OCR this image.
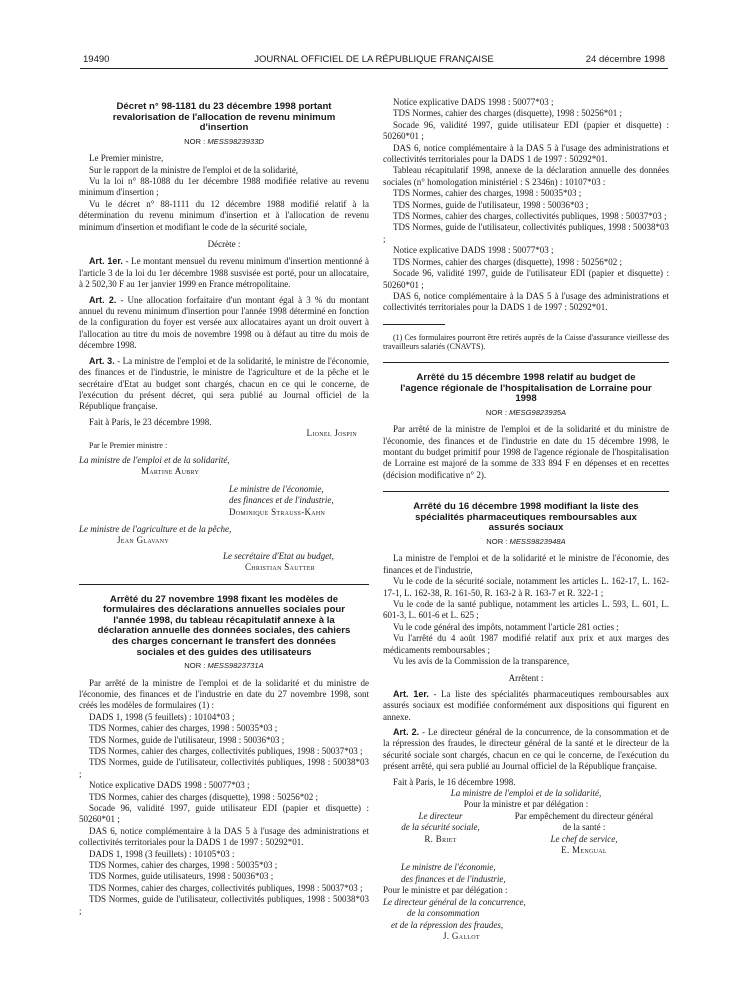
19490	JOURNAL OFFICIEL DE LA RÉPUBLIQUE FRANÇAISE	24 décembre 1998
Décret n° 98-1181 du 23 décembre 1998 portant revalorisation de l'allocation de revenu minimum d'insertion
NOR : MESS9823933D

Le Premier ministre,

Sur le rapport de la ministre de l'emploi et de la solidarité,

Vu la loi n° 88-1088 du 1er décembre 1988 modifiée relative au revenu minimum d'insertion ;

Vu le décret n° 88-1111 du 12 décembre 1988 modifié relatif à la détermination du revenu minimum d'insertion et à l'allocation de revenu minimum d'insertion et modifiant le code de la sécurité sociale,

Décrète :

Art. 1er. - Le montant mensuel du revenu minimum d'insertion mentionné à l'article 3 de la loi du 1er décembre 1988 susvisée est porté, pour un allocataire, à 2 502,30 F au 1er janvier 1999 en France métropolitaine.

Art. 2. - Une allocation forfaitaire d'un montant égal à 3 % du montant annuel du revenu minimum d'insertion pour l'année 1998 déterminé en fonction de la configuration du foyer est versée aux allocataires ayant un droit ouvert à l'allocation au titre du mois de novembre 1998 ou à défaut au titre du mois de décembre 1998.

Art. 3. - La ministre de l'emploi et de la solidarité, le ministre de l'économie, des finances et de l'industrie, le ministre de l'agriculture et de la pêche et le secrétaire d'Etat au budget sont chargés, chacun en ce qui le concerne, de l'exécution du présent décret, qui sera publié au Journal officiel de la République française.

Fait à Paris, le 23 décembre 1998.

Lionel Jospin

Par le Premier ministre :

La ministre de l'emploi et de la solidarité,

Martine Aubry

Le ministre de l'économie,

des finances et de l'industrie,

Dominique Strauss-Kahn

Le ministre de l'agriculture et de la pêche,

Jean Glavany

Le secrétaire d'Etat au budget,

Christian Sautter

Arrêté du 27 novembre 1998 fixant les modèles de formulaires des déclarations annuelles sociales pour l'année 1998, du tableau récapitulatif annexe à la déclaration annuelle des données sociales, des cahiers des charges concernant le transfert des données sociales et des guides des utilisateurs
NOR : MESS9823731A

Par arrêté de la ministre de l'emploi et de la solidarité et du ministre de l'économie, des finances et de l'industrie en date du 27 novembre 1998, sont créés les modèles de formulaires (1) :

DADS 1, 1998 (5 feuillets) : 10104*03 ;

TDS Normes, cahier des charges, 1998 : 50035*03 ;

TDS Normes, guide de l'utilisateur, 1998 : 50036*03 ;

TDS Normes, cahier des charges, collectivités publiques, 1998 : 50037*03 ;

TDS Normes, guide de l'utilisateur, collectivités publiques, 1998 : 50038*03 ;

Notice explicative DADS 1998 : 50077*03 ;

TDS Normes, cahier des charges (disquette), 1998 : 50256*02 ;

Socade 96, validité 1997, guide utilisateur EDI (papier et disquette) : 50260*01 ;

DAS 6, notice complémentaire à la DAS 5 à l'usage des administrations et collectivités territoriales pour la DADS 1 de 1997 : 50292*01.

DADS 1, 1998 (3 feuillets) : 10105*03 :

TDS Normes, cahier des charges, 1998 : 50035*03 ;

TDS Normes, guide utilisateurs, 1998 : 50036*03 ;

TDS Normes, cahier des charges, collectivités publiques, 1998 : 50037*03 ;

TDS Normes, guide de l'utilisateur, collectivités publiques, 1998 : 50038*03 ;

Notice explicative DADS 1998 : 50077*03 ;

TDS Normes, cahier des charges (disquette), 1998 : 50256*01 ;

Socade 96, validité 1997, guide utilisateur EDI (papier et disquette) : 50260*01 ;

DAS 6, notice complémentaire à la DAS 5 à l'usage des administrations et collectivités territoriales pour la DADS 1 de 1997 : 50292*01.

Tableau récapitulatif 1998, annexe de la déclaration annuelle des données sociales (n° homologation ministériel : S 2346n) : 10107*03 :

TDS Normes, cahier des charges, 1998 : 50035*03 ;

TDS Normes, guide de l'utilisateur, 1998 : 50036*03 ;

TDS Normes, cahier des charges, collectivités publiques, 1998 : 50037*03 ;

TDS Normes, guide de l'utilisateur, collectivités publiques, 1998 : 50038*03 ;

Notice explicative DADS 1998 : 50077*03 ;

TDS Normes, cahier des charges (disquette), 1998 : 50256*02 ;

Socade 96, validité 1997, guide de l'utilisateur EDI (papier et disquette) : 50260*01 ;

DAS 6, notice complémentaire à la DAS 5 à l'usage des administrations et collectivités territoriales pour la DADS 1 de 1997 : 50292*01.

(1) Ces formulaires pourront être retirés auprès de la Caisse d'assurance vieillesse des travailleurs salariés (CNAVTS).

Arrêté du 15 décembre 1998 relatif au budget de l'agence régionale de l'hospitalisation de Lorraine pour 1998
NOR : MESG9823935A

Par arrêté de la ministre de l'emploi et de la solidarité et du ministre de l'économie, des finances et de l'industrie en date du 15 décembre 1998, le montant du budget primitif pour 1998 de l'agence régionale de l'hospitalisation de Lorraine est majoré de la somme de 333 894 F en dépenses et en recettes (décision modificative n° 2).

Arrêté du 16 décembre 1998 modifiant la liste des spécialités pharmaceutiques remboursables aux assurés sociaux
NOR : MESS9823948A

La ministre de l'emploi et de la solidarité et le ministre de l'économie, des finances et de l'industrie,

Vu le code de la sécurité sociale, notamment les articles L. 162-17, L. 162-17-1, L. 162-38, R. 161-50, R. 163-2 à R. 163-7 et R. 322-1 ;

Vu le code de la santé publique, notamment les articles L. 593, L. 601, L. 601-3, L. 601-6 et L. 625 ;

Vu le code général des impôts, notamment l'article 281 octies ;

Vu l'arrêté du 4 août 1987 modifié relatif aux prix et aux marges des médicaments remboursables ;

Vu les avis de la Commission de la transparence,

Arrêtent :

Art. 1er. - La liste des spécialités pharmaceutiques remboursables aux assurés sociaux est modifiée conformément aux dispositions qui figurent en annexe.

Art. 2. - Le directeur général de la concurrence, de la consommation et de la répression des fraudes, le directeur général de la santé et le directeur de la sécurité sociale sont chargés, chacun en ce qui le concerne, de l'exécution du présent arrêté, qui sera publié au Journal officiel de la République française.

Fait à Paris, le 16 décembre 1998.

La ministre de l'emploi et de la solidarité,

Pour la ministre et par délégation :

Le directeur

de la sécurité sociale,

R. Briet

Par empêchement du directeur général

de la santé :

Le chef de service,

E. Mengual

Le ministre de l'économie,

des finances et de l'industrie,

Pour le ministre et par délégation :

Le directeur général de la concurrence,

de la consommation

et de la répression des fraudes,

J. Gallot
